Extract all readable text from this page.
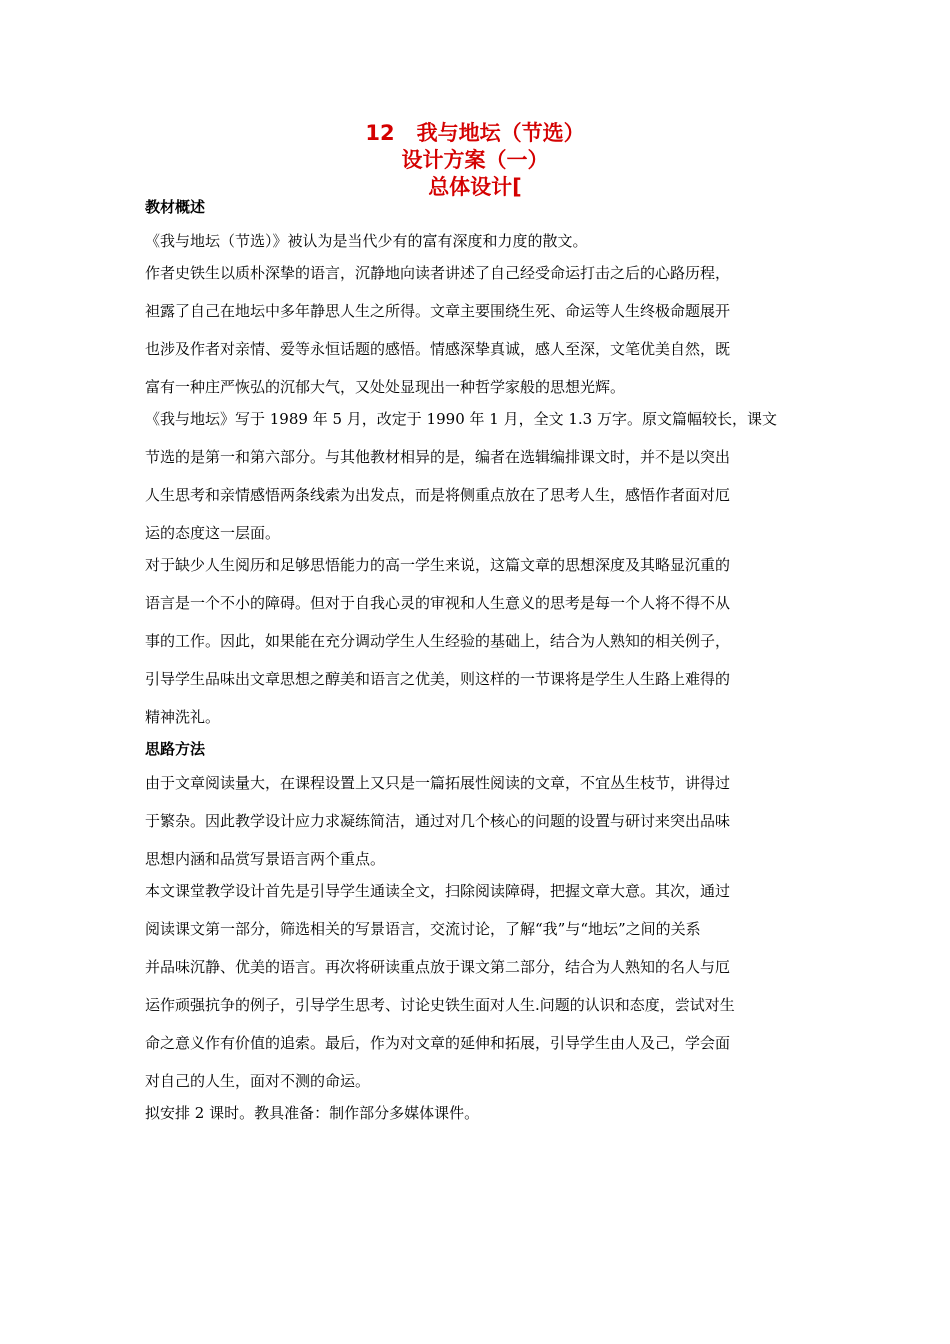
12   我与地坛（节选）
设计方案（一）
总体设计[
教材概述
《我与地坛（节选）》被认为是当代少有的富有深度和力度的散文。
作者史铁生以质朴深挚的语言，沉静地向读者讲述了自己经受命运打击之后的心路历程，
袒露了自己在地坛中多年静思人生之所得。文章主要围绕生死、命运等人生终极命题展开
也涉及作者对亲情、爱等永恒话题的感悟。情感深挚真诚，感人至深，文笔优美自然，既
富有一种庄严恢弘的沉郁大气，又处处显现出一种哲学家般的思想光辉。
《我与地坛》写于 1989 年 5 月，改定于 1990 年 1 月，全文 1.3 万字。原文篇幅较长，课文
节选的是第一和第六部分。与其他教材相异的是，编者在选辑编排课文时，并不是以突出
人生思考和亲情感悟两条线索为出发点，而是将侧重点放在了思考人生，感悟作者面对厄
运的态度这一层面。
对于缺少人生阅历和足够思悟能力的高一学生来说，这篇文章的思想深度及其略显沉重的
语言是一个不小的障碍。但对于自我心灵的审视和人生意义的思考是每一个人将不得不从
事的工作。因此，如果能在充分调动学生人生经验的基础上，结合为人熟知的相关例子，
引导学生品味出文章思想之醇美和语言之优美，则这样的一节课将是学生人生路上难得的
精神洗礼。
思路方法
由于文章阅读量大，在课程设置上又只是一篇拓展性阅读的文章，不宜丛生枝节，讲得过
于繁杂。因此教学设计应力求凝练简洁，通过对几个核心的问题的设置与研讨来突出品味
思想内涵和品赏写景语言两个重点。
本文课堂教学设计首先是引导学生通读全文，扫除阅读障碍，把握文章大意。其次，通过
阅读课文第一部分，筛选相关的写景语言，交流讨论，了解“我”与“地坛”之间的关系
并品味沉静、优美的语言。再次将研读重点放于课文第二部分，结合为人熟知的名人与厄
运作顽强抗争的例子，引导学生思考、讨论史铁生面对人生.问题的认识和态度，尝试对生
命之意义作有价值的追索。最后，作为对文章的延伸和拓展，引导学生由人及己，学会面
对自己的人生，面对不测的命运。
拟安排 2 课时。教具准备：制作部分多媒体课件。
